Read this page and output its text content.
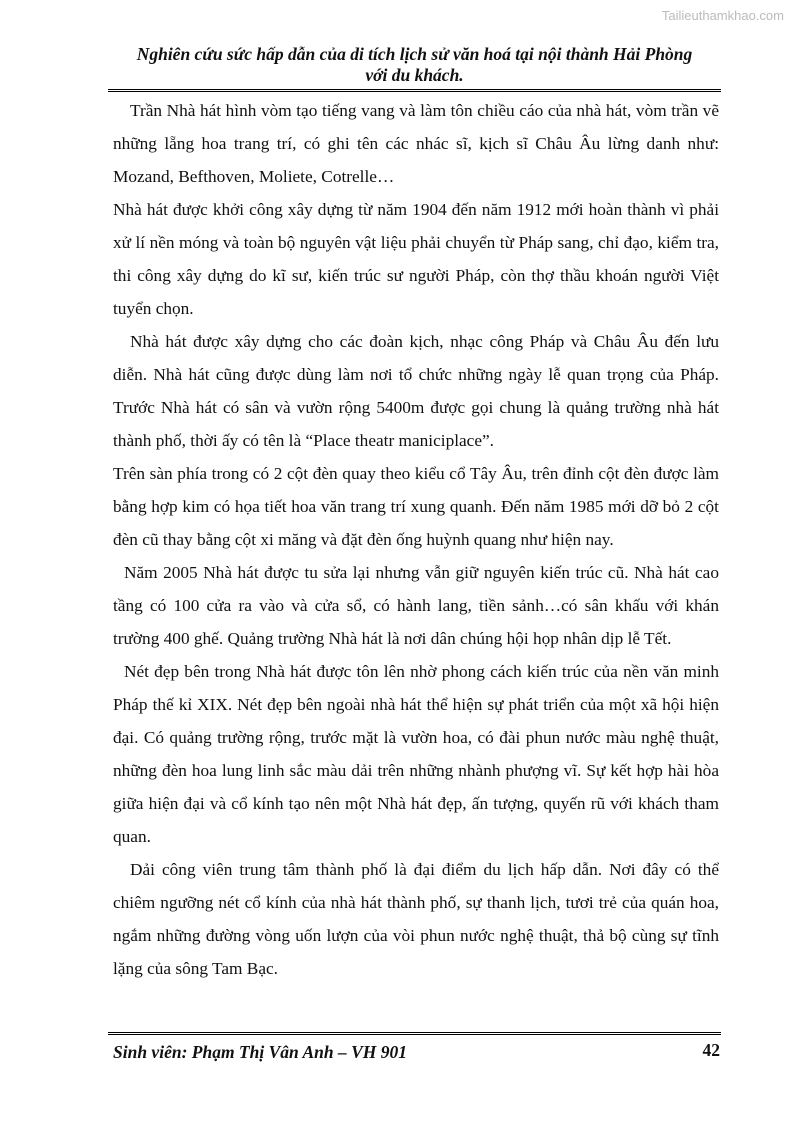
Tailieuthamkhao.com
Nghiên cứu sức hấp dẫn của di tích lịch sử văn hoá tại nội thành Hải Phòng
với du khách.

Trần Nhà hát hình vòm tạo tiếng vang và làm tôn chiều cáo của nhà hát, vòm trần vẽ những lẵng hoa trang trí, có ghi tên các nhác sĩ, kịch sĩ Châu Âu lừng danh như: Mozand, Befthoven, Moliete, Cotrelle…

Nhà hát được khởi công xây dựng từ năm 1904 đến năm 1912 mới hoàn thành vì phải xử lí nền móng và toàn bộ nguyên vật liệu phải chuyển từ Pháp sang, chỉ đạo, kiểm tra, thi công xây dựng do kĩ sư, kiến trúc sư người Pháp, còn thợ thầu khoán người Việt tuyển chọn.

Nhà hát được xây dựng cho các đoàn kịch, nhạc công Pháp và Châu Âu đến lưu diễn. Nhà hát cũng được dùng làm nơi tổ chức những ngày lễ quan trọng của Pháp. Trước Nhà hát có sân và vườn rộng 5400m được gọi chung là quảng trường nhà hát thành phố, thời ấy có tên là “Place theatr maniciplace”.

Trên sàn phía trong có 2 cột đèn quay theo kiểu cổ Tây Âu, trên đỉnh cột đèn được làm bằng hợp kim có họa tiết hoa văn trang trí xung quanh. Đến năm 1985 mới dỡ bỏ 2 cột đèn cũ thay bằng cột xi măng và đặt đèn ống huỳnh quang như hiện nay.

Năm 2005 Nhà hát được tu sửa lại nhưng vẫn giữ nguyên kiến trúc cũ. Nhà hát cao tầng có 100 cửa ra vào và cửa sổ, có hành lang, tiền sảnh…có sân khấu với khán trường 400 ghế. Quảng trường Nhà hát là nơi dân chúng hội họp nhân dịp lễ Tết.

Nét đẹp bên trong Nhà hát được tôn lên nhờ phong cách kiến trúc của nền văn minh Pháp thế kỉ XIX. Nét đẹp bên ngoài nhà hát thể hiện sự phát triển của một xã hội hiện đại. Có quảng trường rộng, trước mặt là vườn hoa, có đài phun nước màu nghệ thuật, những đèn hoa lung linh sắc màu dải trên những nhành phượng vĩ. Sự kết hợp hài hòa giữa hiện đại và cổ kính tạo nên một Nhà hát đẹp, ấn tượng, quyến rũ với khách tham quan.

Dải công viên trung tâm thành phố là đại điểm du lịch hấp dẫn. Nơi đây có thể chiêm ngưỡng nét cổ kính của nhà hát thành phố, sự thanh lịch, tươi trẻ của quán hoa, ngắm những đường vòng uốn lượn của vòi phun nước nghệ thuật, thả bộ cùng sự tĩnh lặng của sông Tam Bạc.

Sinh viên: Phạm Thị Vân Anh – VH 901	42
